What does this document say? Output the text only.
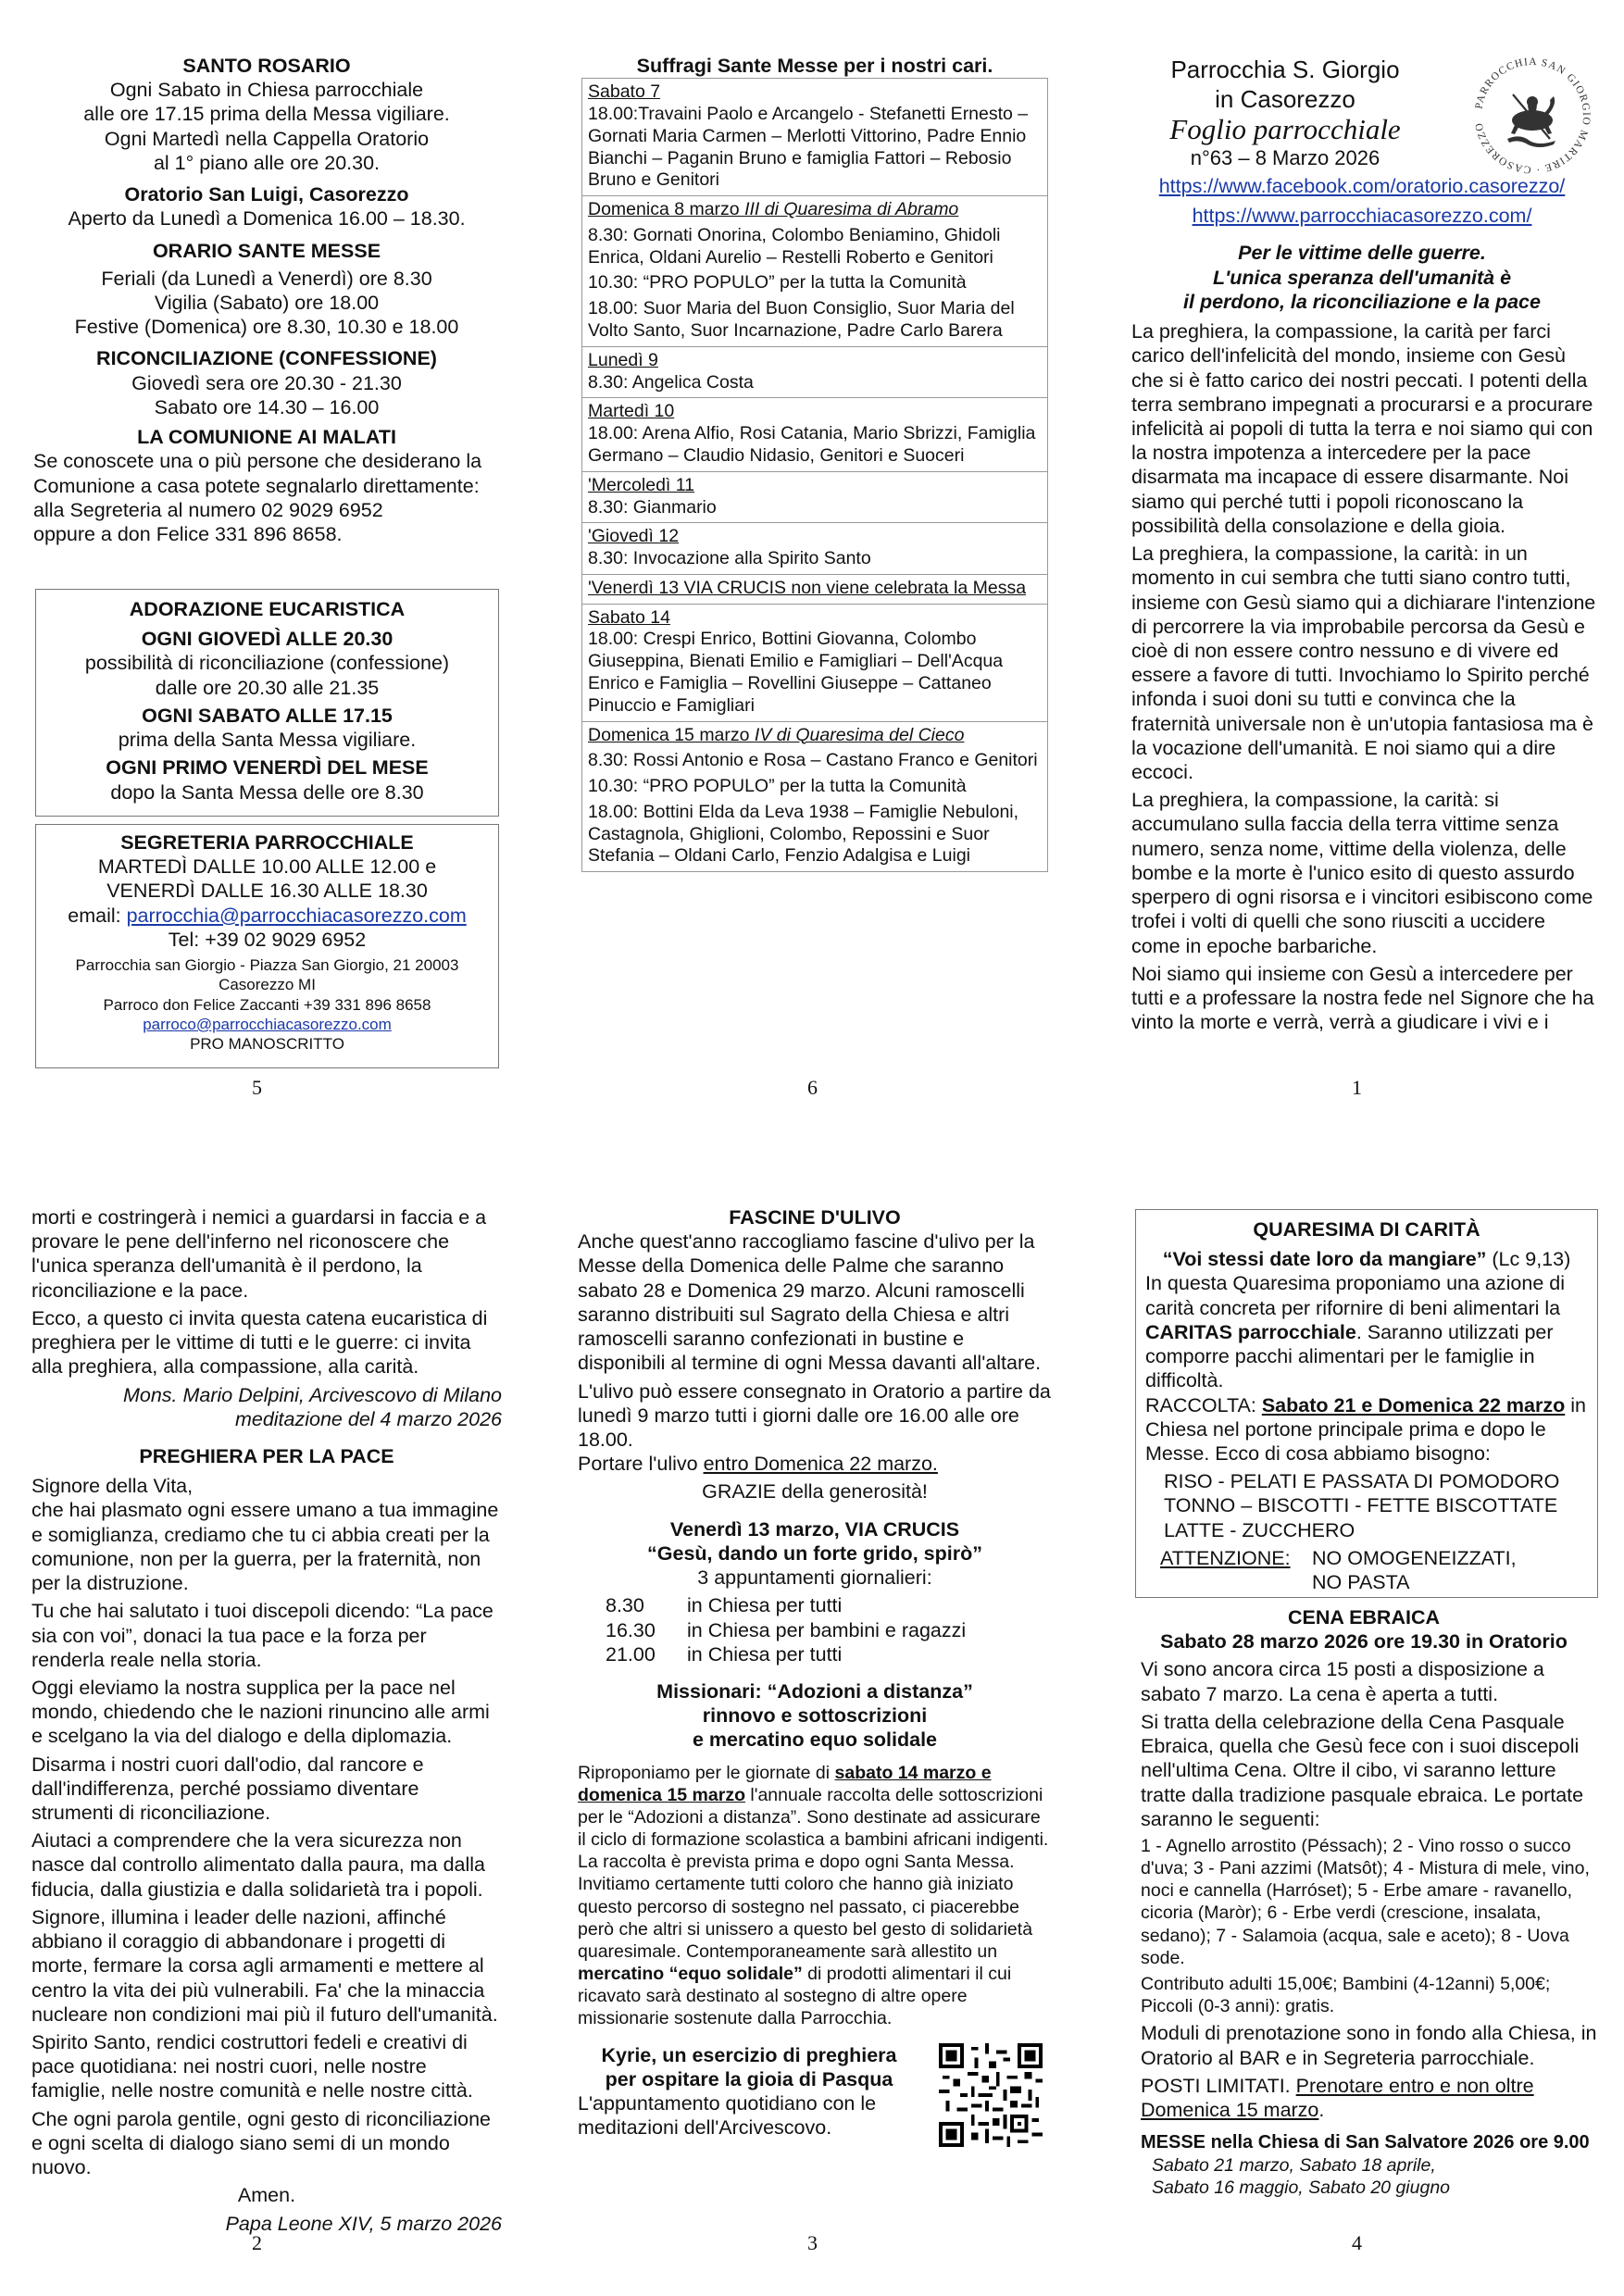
SANTO ROSARIO

Ogni Sabato in Chiesa parrocchiale

alle ore 17.15 prima della Messa vigiliare.

Ogni Martedì nella Cappella Oratorio

al 1° piano alle ore 20.30.

Oratorio San Luigi, Casorezzo

Aperto da Lunedì a Domenica 16.00 – 18.30.

ORARIO SANTE MESSE

Feriali (da Lunedì a Venerdì) ore 8.30

Vigilia (Sabato) ore 18.00

Festive (Domenica) ore 8.30, 10.30 e 18.00

RICONCILIAZIONE (CONFESSIONE)

Giovedì sera ore 20.30 - 21.30

Sabato ore 14.30 – 16.00

LA COMUNIONE AI MALATI

Se conoscete una o più persone che desiderano la

Comunione a casa potete segnalarlo direttamente:

alla Segreteria al numero 02 9029 6952

oppure a don Felice 331 896 8658.

ADORAZIONE EUCARISTICA

OGNI GIOVEDÌ ALLE 20.30

possibilità di riconciliazione (confessione)

dalle ore 20.30 alle 21.35

OGNI SABATO ALLE 17.15

prima della Santa Messa vigiliare.

OGNI PRIMO VENERDÌ DEL MESE

dopo la Santa Messa delle ore 8.30

SEGRETERIA PARROCCHIALE

MARTEDÌ DALLE 10.00 ALLE 12.00 e

VENERDÌ DALLE 16.30 ALLE 18.30

email: parrocchia@parrocchiacasorezzo.com

Tel: +39 02 9029 6952

Parrocchia san Giorgio - Piazza San Giorgio, 21 20003

Casorezzo MI

Parroco don Felice Zaccanti +39 331 896 8658

parroco@parrocchiacasorezzo.com

PRO MANOSCRITTO

5

Suffragi Sante Messe per i nostri cari.

Sabato 7

18.00:Travaini Paolo e Arcangelo - Stefanetti Ernesto – Gornati Maria Carmen – Merlotti Vittorino, Padre Ennio Bianchi – Paganin Bruno e famiglia Fattori – Rebosio Bruno e Genitori

Domenica 8 marzo III di Quaresima di Abramo

8.30: Gornati Onorina, Colombo Beniamino, Ghidoli Enrica, Oldani Aurelio – Restelli Roberto e Genitori

10.30: “PRO POPULO” per la tutta la Comunità

18.00: Suor Maria del Buon Consiglio, Suor Maria del Volto Santo, Suor Incarnazione, Padre Carlo Barera

Lunedì 9

8.30: Angelica Costa

Martedì 10

18.00: Arena Alfio, Rosi Catania, Mario Sbrizzi, Famiglia Germano – Claudio Nidasio, Genitori e Suoceri

'Mercoledì 11

8.30: Gianmario

'Giovedì 12

8.30: Invocazione alla Spirito Santo

'Venerdì 13 VIA CRUCIS non viene celebrata la Messa

Sabato 14

18.00: Crespi Enrico, Bottini Giovanna, Colombo Giuseppina, Bienati Emilio e Famigliari – Dell'Acqua Enrico e Famiglia – Rovellini Giuseppe – Cattaneo Pinuccio e Famigliari

Domenica 15 marzo IV di Quaresima del Cieco

8.30: Rossi Antonio e Rosa – Castano Franco e Genitori

10.30: “PRO POPULO” per la tutta la Comunità

18.00: Bottini Elda da Leva 1938 – Famiglie Nebuloni, Castagnola, Ghiglioni, Colombo, Repossini e Suor Stefania – Oldani Carlo, Fenzio Adalgisa e Luigi

6

Parrocchia S. Giorgio

in Casorezzo

Foglio parrocchiale

n°63 – 8 Marzo 2026

PARROCCHIA SAN GIORGIO MARTIRE · CASOREZZO

https://www.facebook.com/oratorio.casorezzo/

https://www.parrocchiacasorezzo.com/

Per le vittime delle guerre.

L'unica speranza dell'umanità è

il perdono, la riconciliazione e la pace

La preghiera, la compassione, la carità per farci carico dell'infelicità del mondo, insieme con Gesù che si è fatto carico dei nostri peccati. I potenti della terra sembrano impegnati a procurarsi e a procurare infelicità ai popoli di tutta la terra e noi siamo qui con la nostra impotenza a intercedere per la pace disarmata ma incapace di essere disarmante. Noi siamo qui perché tutti i popoli riconoscano la possibilità della consolazione e della gioia.

La preghiera, la compassione, la carità: in un momento in cui sembra che tutti siano contro tutti, insieme con Gesù siamo qui a dichiarare l'intenzione di percorrere la via improbabile percorsa da Gesù e cioè di non essere contro nessuno e di vivere ed essere a favore di tutti. Invochiamo lo Spirito perché infonda i suoi doni su tutti e convinca che la fraternità universale non è un'utopia fantasiosa ma è la vocazione dell'umanità. E noi siamo qui a dire eccoci.

La preghiera, la compassione, la carità: si accumulano sulla faccia della terra vittime senza numero, senza nome, vittime della violenza, delle bombe e la morte è l'unico esito di questo assurdo sperpero di ogni risorsa e i vincitori esibiscono come trofei i volti di quelli che sono riusciti a uccidere come in epoche barbariche.

Noi siamo qui insieme con Gesù a intercedere per tutti e a professare la nostra fede nel Signore che ha vinto la morte e verrà, verrà a giudicare i vivi e i

1

morti e costringerà i nemici a guardarsi in faccia e a provare le pene dell'inferno nel riconoscere che l'unica speranza dell'umanità è il perdono, la riconciliazione e la pace.

Ecco, a questo ci invita questa catena eucaristica di preghiera per le vittime di tutti e le guerre: ci invita alla preghiera, alla compassione, alla carità.

Mons. Mario Delpini, Arcivescovo di Milano

meditazione del 4 marzo 2026

PREGHIERA PER LA PACE

Signore della Vita,

che hai plasmato ogni essere umano a tua immagine e somiglianza, crediamo che tu ci abbia creati per la comunione, non per la guerra, per la fraternità, non per la distruzione.

Tu che hai salutato i tuoi discepoli dicendo: “La pace sia con voi”, donaci la tua pace e la forza per renderla reale nella storia.

Oggi eleviamo la nostra supplica per la pace nel mondo, chiedendo che le nazioni rinuncino alle armi e scelgano la via del dialogo e della diplomazia.

Disarma i nostri cuori dall'odio, dal rancore e dall'indifferenza, perché possiamo diventare strumenti di riconciliazione.

Aiutaci a comprendere che la vera sicurezza non nasce dal controllo alimentato dalla paura, ma dalla fiducia, dalla giustizia e dalla solidarietà tra i popoli.

Signore, illumina i leader delle nazioni, affinché abbiano il coraggio di abbandonare i progetti di morte, fermare la corsa agli armamenti e mettere al centro la vita dei più vulnerabili. Fa' che la minaccia nucleare non condizioni mai più il futuro dell'umanità.

Spirito Santo, rendici costruttori fedeli e creativi di pace quotidiana: nei nostri cuori, nelle nostre famiglie, nelle nostre comunità e nelle nostre città.

Che ogni parola gentile, ogni gesto di riconciliazione e ogni scelta di dialogo siano semi di un mondo nuovo.

Amen.

Papa Leone XIV, 5 marzo 2026

2

FASCINE D'ULIVO

Anche quest'anno raccogliamo fascine d'ulivo per la Messe della Domenica delle Palme che saranno sabato 28 e Domenica 29 marzo. Alcuni ramoscelli saranno distribuiti sul Sagrato della Chiesa e altri ramoscelli saranno confezionati in bustine e disponibili al termine di ogni Messa davanti all'altare.

L'ulivo può essere consegnato in Oratorio a partire da lunedì 9 marzo tutti i giorni dalle ore 16.00 alle ore 18.00.

Portare l'ulivo entro Domenica 22 marzo.

GRAZIE della generosità!

Venerdì 13 marzo, VIA CRUCIS

“Gesù, dando un forte grido, spirò”

3 appuntamenti giornalieri:

8.30	in Chiesa per tutti
16.30	in Chiesa per bambini e ragazzi
21.00	in Chiesa per tutti

Missionari: “Adozioni a distanza”

rinnovo e sottoscrizioni

e mercatino equo solidale

Riproponiamo per le giornate di sabato 14 marzo e domenica 15 marzo l'annuale raccolta delle sottoscrizioni per le “Adozioni a distanza”. Sono destinate ad assicurare il ciclo di formazione scolastica a bambini africani indigenti. La raccolta è prevista prima e dopo ogni Santa Messa. Invitiamo certamente tutti coloro che hanno già iniziato questo percorso di sostegno nel passato, ci piacerebbe però che altri si unissero a questo bel gesto di solidarietà quaresimale. Contemporaneamente sarà allestito un mercatino “equo solidale” di prodotti alimentari il cui ricavato sarà destinato al sostegno di altre opere missionarie sostenute dalla Parrocchia.

Kyrie, un esercizio di preghiera

per ospitare la gioia di Pasqua

L'appuntamento quotidiano con le meditazioni dell'Arcivescovo.

3

QUARESIMA DI CARITÀ

“Voi stessi date loro da mangiare” (Lc 9,13)

In questa Quaresima proponiamo una azione di carità concreta per rifornire di beni alimentari la CARITAS parrocchiale. Saranno utilizzati per comporre pacchi alimentari per le famiglie in difficoltà.

RACCOLTA: Sabato 21 e Domenica 22 marzo in Chiesa nel portone principale prima e dopo le Messe. Ecco di cosa abbiamo bisogno:

RISO - PELATI E PASSATA DI POMODORO

TONNO – BISCOTTI - FETTE BISCOTTATE

LATTE - ZUCCHERO

ATTENZIONE:	NO OMOGENEIZZATI,

NO PASTA

CENA EBRAICA

Sabato 28 marzo 2026 ore 19.30 in Oratorio

Vi sono ancora circa 15 posti a disposizione a sabato 7 marzo. La cena è aperta a tutti.

Si tratta della celebrazione della Cena Pasquale Ebraica, quella che Gesù fece con i suoi discepoli nell'ultima Cena. Oltre il cibo, vi saranno letture tratte dalla tradizione pasquale ebraica. Le portate saranno le seguenti:

1 - Agnello arrostito (Péssach); 2 - Vino rosso o succo d'uva; 3 - Pani azzimi (Matsôt); 4 - Mistura di mele, vino, noci e cannella (Harróset); 5 - Erbe amare - ravanello, cicoria (Maròr); 6 - Erbe verdi (crescione, insalata, sedano); 7 - Salamoia (acqua, sale e aceto); 8 - Uova sode.

Contributo adulti 15,00€; Bambini (4-12anni) 5,00€; Piccoli (0-3 anni): gratis.

Moduli di prenotazione sono in fondo alla Chiesa, in Oratorio al BAR e in Segreteria parrocchiale.

POSTI LIMITATI. Prenotare entro e non oltre

Domenica 15 marzo.

MESSE nella Chiesa di San Salvatore 2026 ore 9.00

Sabato 21 marzo, Sabato 18 aprile,

Sabato 16 maggio, Sabato 20 giugno

4
